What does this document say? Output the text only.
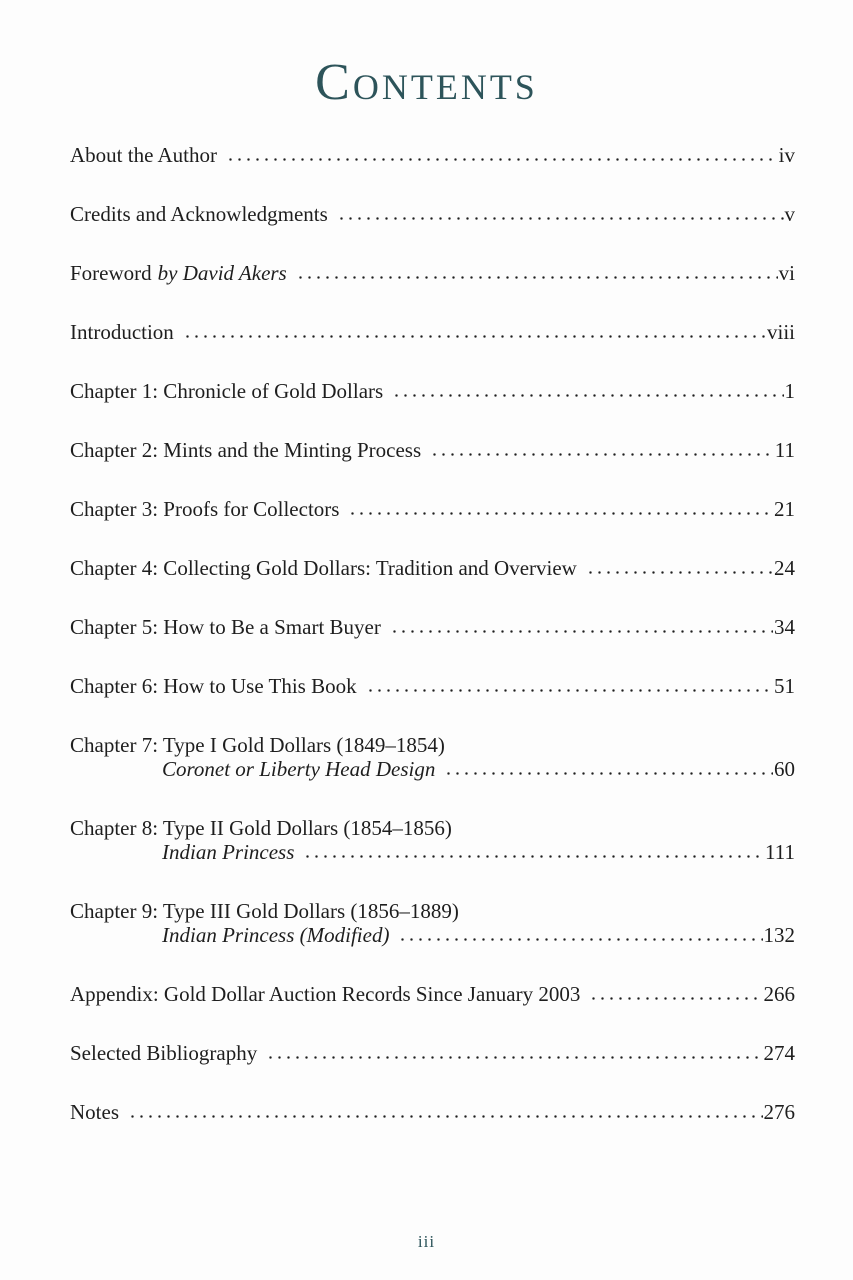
Contents
About the Author	iv
Credits and Acknowledgments	v
Foreword by David Akers	vi
Introduction	viii
Chapter 1: Chronicle of Gold Dollars	1
Chapter 2: Mints and the Minting Process	11
Chapter 3: Proofs for Collectors	21
Chapter 4: Collecting Gold Dollars: Tradition and Overview	24
Chapter 5: How to Be a Smart Buyer	34
Chapter 6: How to Use This Book	51
Chapter 7: Type I Gold Dollars (1849–1854)
Coronet or Liberty Head Design	60
Chapter 8: Type II Gold Dollars (1854–1856)
Indian Princess	111
Chapter 9: Type III Gold Dollars (1856–1889)
Indian Princess (Modified)	132
Appendix: Gold Dollar Auction Records Since January 2003	266
Selected Bibliography	274
Notes	276
iii
